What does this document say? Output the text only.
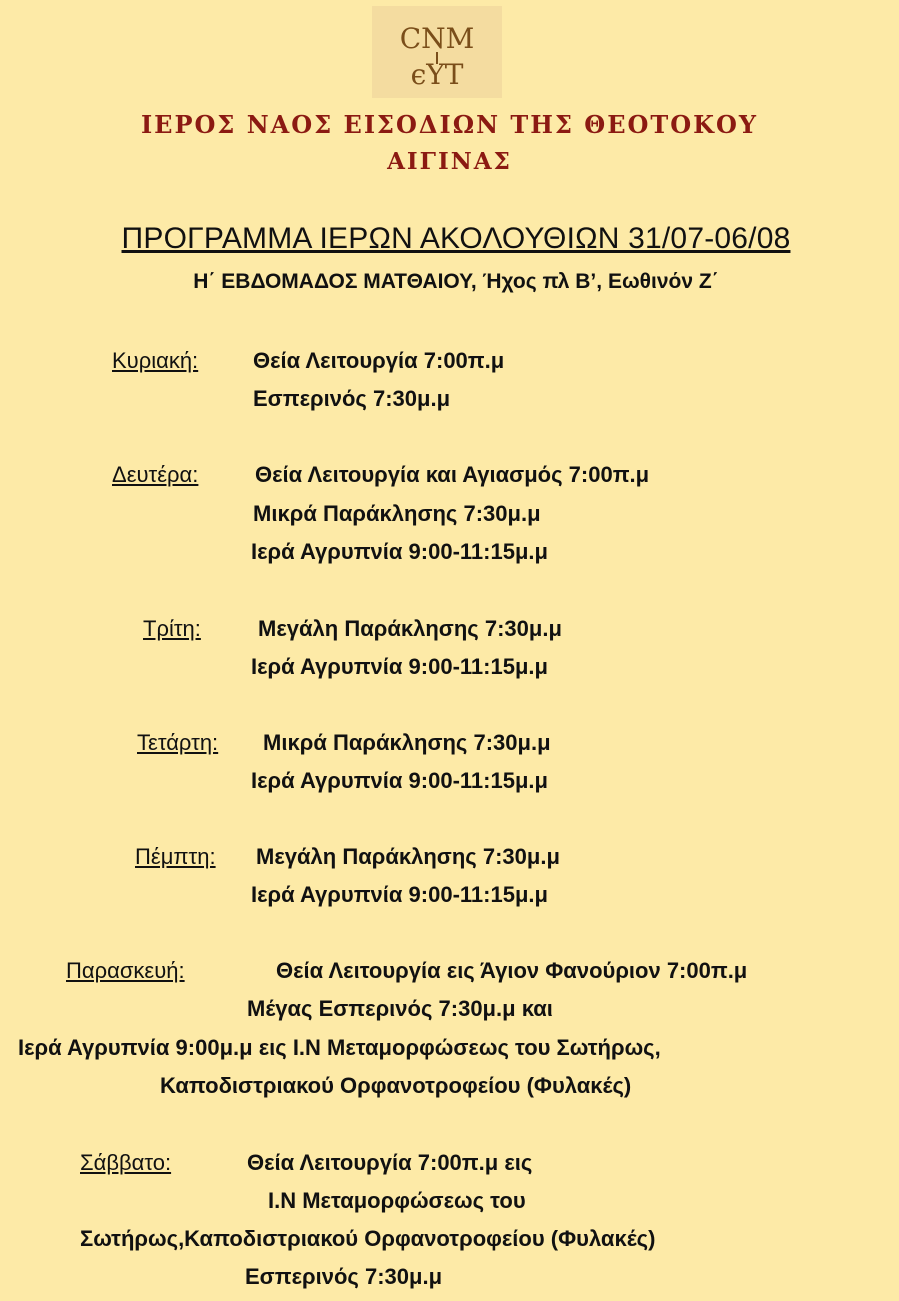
ϹΝΜ
ϵΥΤ
ΙΕΡΟΣ ΝΑΟΣ ΕΙΣΟΔΙΩΝ ΤΗΣ ΘΕΟΤΟΚΟΥ
ΑΙΓΙΝΑΣ
ΠΡΟΓΡΑΜΜΑ ΙΕΡΩΝ ΑΚΟΛΟΥΘΙΩΝ 31/07-06/08
Η΄ ΕΒΔΟΜΑΔΟΣ ΜΑΤΘΑΙΟΥ, Ήχος πλ Β’, Εωθινόν Ζ΄
Κυριακή: Θεία Λειτουργία 7:00π.μ
Εσπερινός 7:30μ.μ
Δευτέρα:	Θεία Λειτουργία και Αγιασμός 7:00π.μ
Μικρά Παράκλησης 7:30μ.μ
Ιερά Αγρυπνία 9:00-11:15μ.μ
Τρίτη:	Μεγάλη Παράκλησης 7:30μ.μ
Ιερά Αγρυπνία 9:00-11:15μ.μ
Τετάρτη: Μικρά Παράκλησης 7:30μ.μ
Ιερά Αγρυπνία 9:00-11:15μ.μ
Πέμπτη: Μεγάλη Παράκλησης 7:30μ.μ
Ιερά Αγρυπνία 9:00-11:15μ.μ
Παρασκευή:	Θεία Λειτουργία εις Άγιον Φανούριον 7:00π.μ
Μέγας Εσπερινός 7:30μ.μ και
Ιερά Αγρυπνία 9:00μ.μ εις Ι.Ν Μεταμορφώσεως του Σωτήρως,
Καποδιστριακού Ορφανοτροφείου (Φυλακές)
Σάββατο:	Θεία Λειτουργία 7:00π.μ εις
Ι.Ν Μεταμορφώσεως του
Σωτήρως,Καποδιστριακού Ορφανοτροφείου (Φυλακές)
Εσπερινός 7:30μ.μ
